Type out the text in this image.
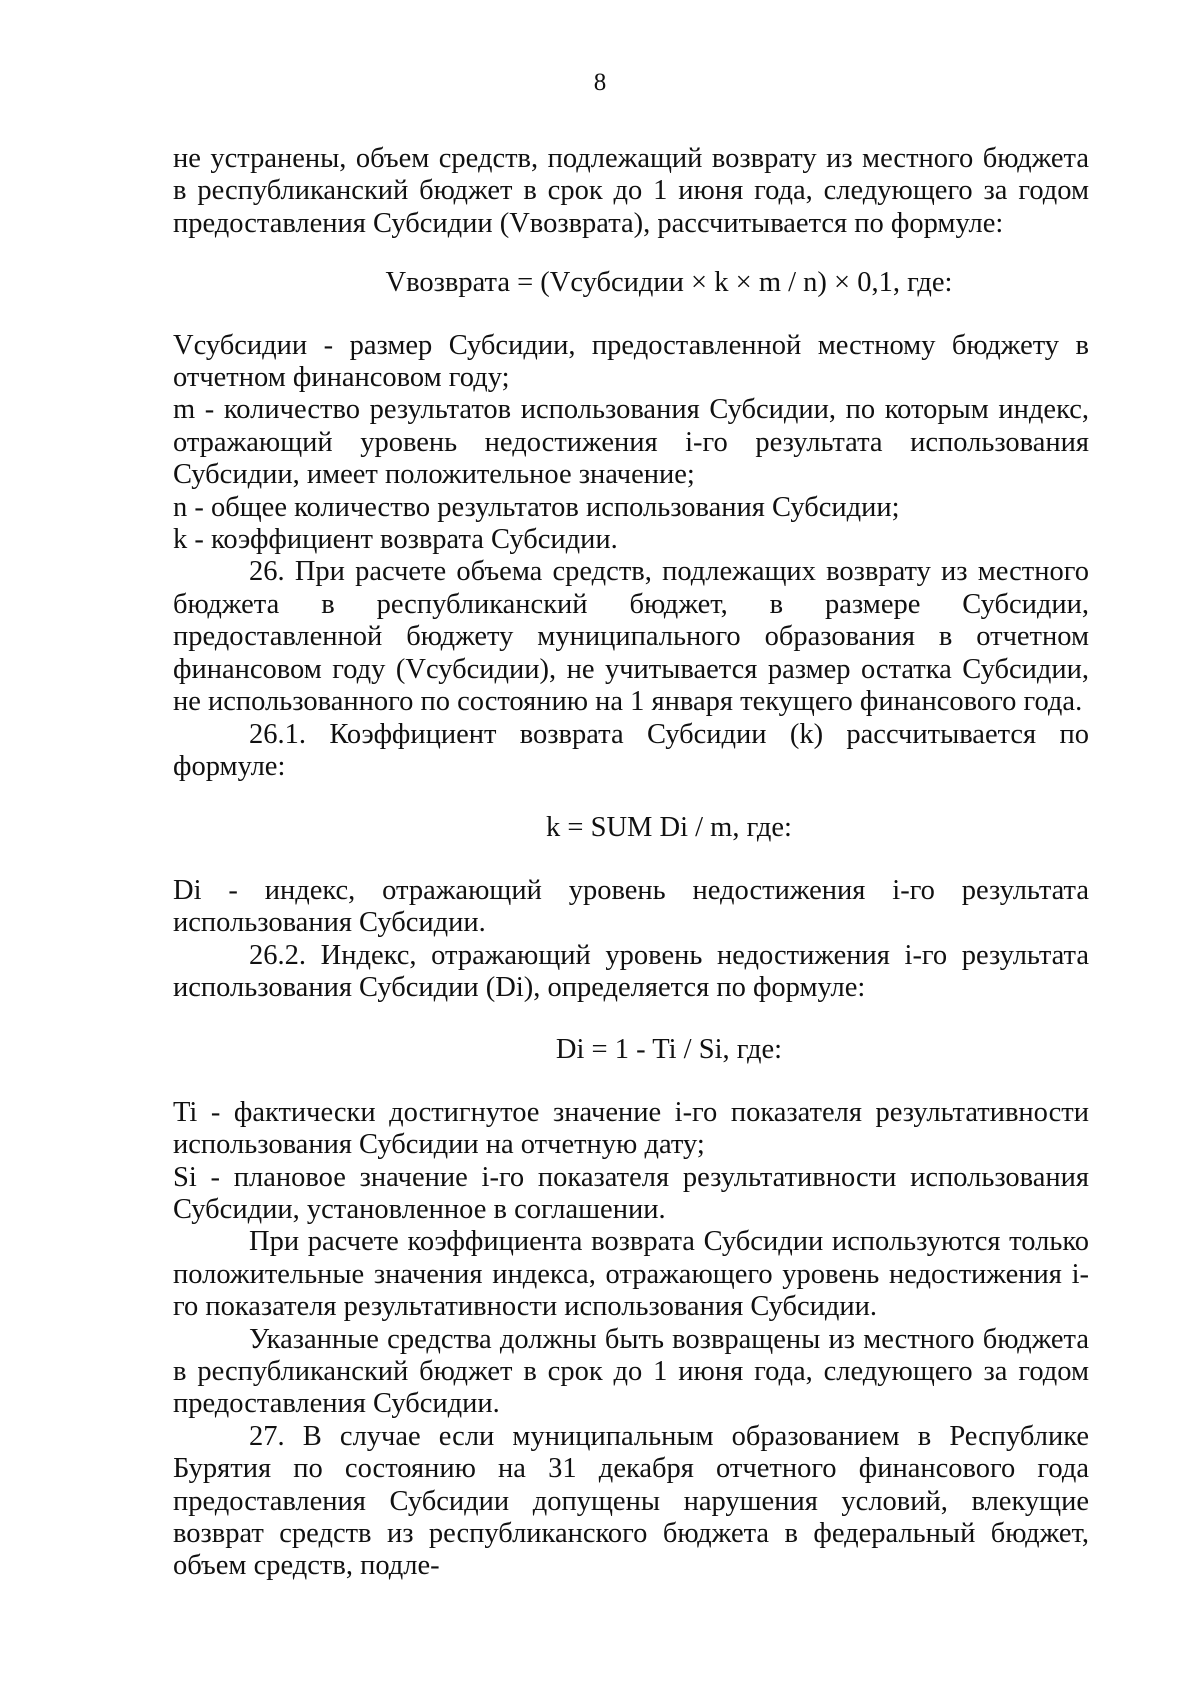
8

не устранены, объем средств, подлежащий возврату из местного бюджета в республиканский бюджет в срок до 1 июня года, следующего за годом предоставления Субсидии (Vвозврата), рассчитывается по формуле:

Vвозврата = (Vсубсидии × k × m / n) × 0,1, где:

Vсубсидии - размер Субсидии, предоставленной местному бюджету в отчетном финансовом году;

m - количество результатов использования Субсидии, по которым индекс, отражающий уровень недостижения i-го результата использования Субсидии, имеет положительное значение;

n - общее количество результатов использования Субсидии;

k - коэффициент возврата Субсидии.

26. При расчете объема средств, подлежащих возврату из местного бюджета в республиканский бюджет, в размере Субсидии, предоставленной бюджету муниципального образования в отчетном финансовом году (Vсубсидии), не учитывается размер остатка Субсидии, не использованного по состоянию на 1 января текущего финансового года.

26.1. Коэффициент возврата Субсидии (k) рассчитывается по формуле:

k = SUM Di / m, где:

Di - индекс, отражающий уровень недостижения i-го результата использования Субсидии.

26.2. Индекс, отражающий уровень недостижения i-го результата использования Субсидии (Di), определяется по формуле:

Di = 1 - Ti / Si, где:

Ti - фактически достигнутое значение i-го показателя результативности использования Субсидии на отчетную дату;

Si - плановое значение i-го показателя результативности использования Субсидии, установленное в соглашении.

При расчете коэффициента возврата Субсидии используются только положительные значения индекса, отражающего уровень недостижения i-го показателя результативности использования Субсидии.

Указанные средства должны быть возвращены из местного бюджета в республиканский бюджет в срок до 1 июня года, следующего за годом предоставления Субсидии.

27. В случае если муниципальным образованием в Республике Бурятия по состоянию на 31 декабря отчетного финансового года предоставления Субсидии допущены нарушения условий, влекущие возврат средств из республиканского бюджета в федеральный бюджет, объем средств, подле-
